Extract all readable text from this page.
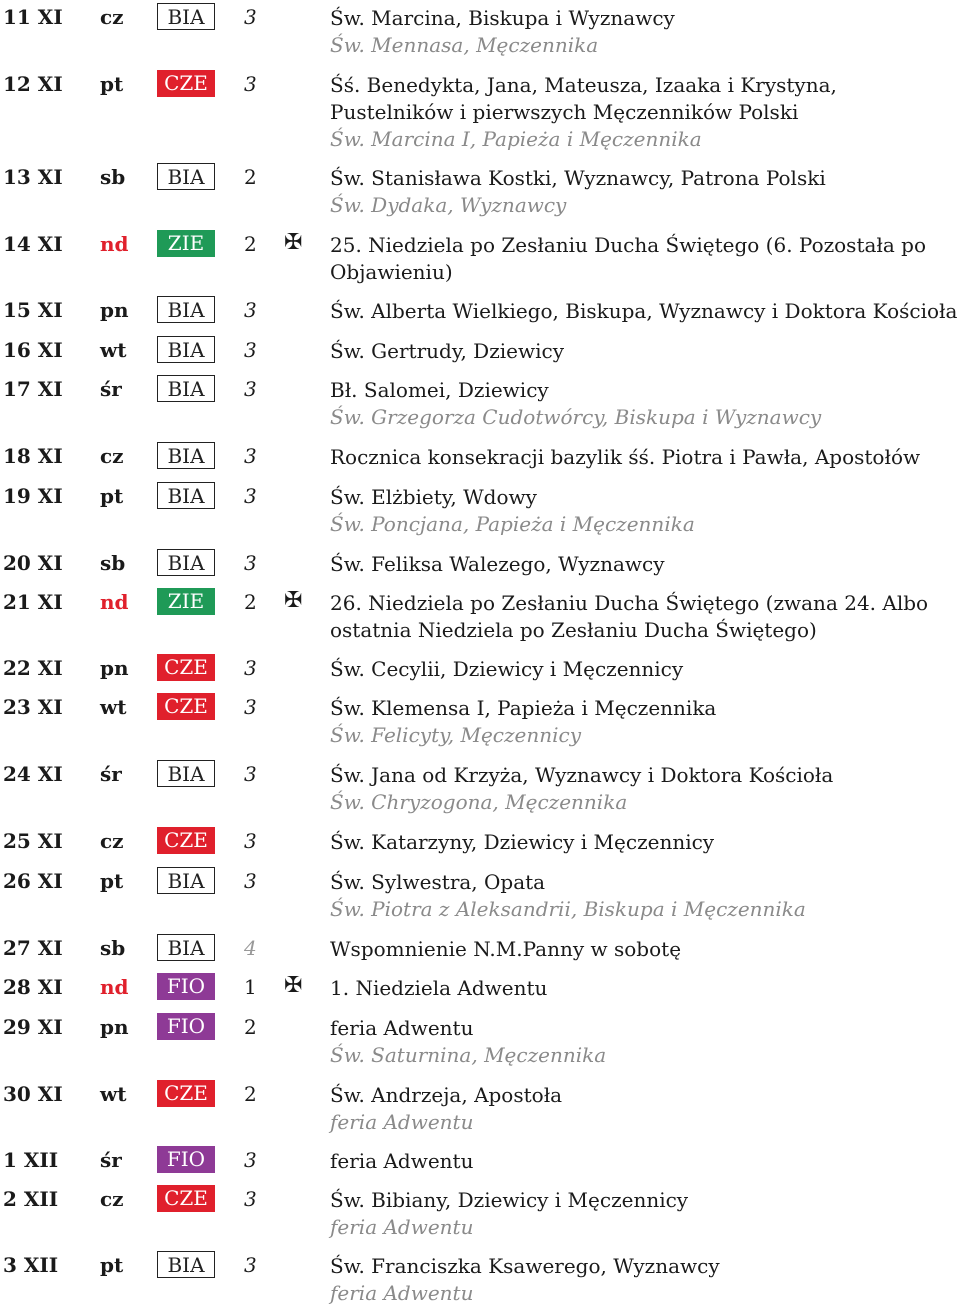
11 XI cz	BIA	3	Św. Marcina, Biskupa i Wyznawcy
Św. Mennasa, Męczennika
12 XI pt	CZE	3	Śś. Benedykta, Jana, Mateusza, Izaaka i Krystyna, Pustelników i pierwszych Męczenników Polski
Św. Marcina I, Papieża i Męczennika
13 XI sb	BIA	2	Św. Stanisława Kostki, Wyznawcy, Patrona Polski
Św. Dydaka, Wyznawcy
14 XI nd	ZIE	2 ✠ 25. Niedziela po Zesłaniu Ducha Świętego (6. Pozostała po Objawieniu)
15 XI pn	BIA	3	Św. Alberta Wielkiego, Biskupa, Wyznawcy i Doktora Kościoła
16 XI wt	BIA	3	Św. Gertrudy, Dziewicy
17 XI śr	BIA	3	Bł. Salomei, Dziewicy
Św. Grzegorza Cudotwórcy, Biskupa i Wyznawcy
18 XI cz	BIA	3	Rocznica konsekracji bazylik śś. Piotra i Pawła, Apostołów
19 XI pt	BIA	3	Św. Elżbiety, Wdowy
Św. Poncjana, Papieża i Męczennika
20 XI sb	BIA	3	Św. Feliksa Walezego, Wyznawcy
21 XI nd	ZIE	2 ✠ 26. Niedziela po Zesłaniu Ducha Świętego (zwana 24. Albo ostatnia Niedziela po Zesłaniu Ducha Świętego)
22 XI pn	CZE	3	Św. Cecylii, Dziewicy i Męczennicy
23 XI wt	CZE	3	Św. Klemensa I, Papieża i Męczennika
Św. Felicyty, Męczennicy
24 XI śr	BIA	3	Św. Jana od Krzyża, Wyznawcy i Doktora Kościoła
Św. Chryzogona, Męczennika
25 XI cz	CZE	3	Św. Katarzyny, Dziewicy i Męczennicy
26 XI pt	BIA	3	Św. Sylwestra, Opata
Św. Piotra z Aleksandrii, Biskupa i Męczennika
27 XI sb	BIA	4	Wspomnienie N.M.Panny w sobotę
28 XI nd	FIO	1 ✠ 1. Niedziela Adwentu
29 XI pn	FIO	2	feria Adwentu
Św. Saturnina, Męczennika
30 XI wt	CZE	2	Św. Andrzeja, Apostoła
feria Adwentu
1 XII śr	FIO	3	feria Adwentu
2 XII cz	CZE	3	Św. Bibiany, Dziewicy i Męczennicy
feria Adwentu
3 XII pt	BIA	3	Św. Franciszka Ksawerego, Wyznawcy
feria Adwentu
